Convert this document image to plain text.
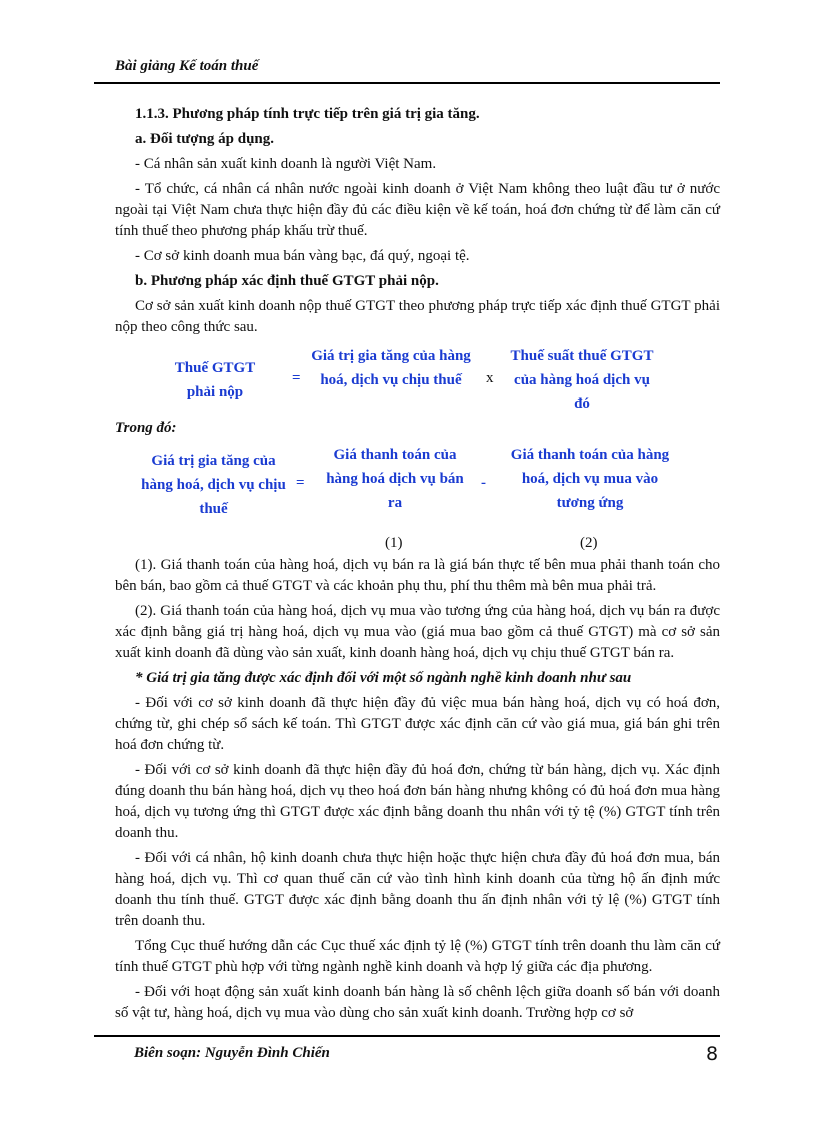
Bài giảng Kế toán thuế

1.1.3. Phương pháp tính trực tiếp trên giá trị gia tăng.

a. Đối tượng áp dụng.

- Cá nhân sản xuất kinh doanh là người Việt Nam.

- Tổ chức, cá nhân cá nhân nước ngoài kinh doanh ở Việt Nam không theo luật đầu tư ở nước ngoài tại Việt Nam chưa thực hiện đầy đủ các điều kiện về kế toán, hoá đơn chứng từ để làm căn cứ tính thuế theo phương pháp khấu trừ thuế.

- Cơ sở kinh doanh mua bán vàng bạc, đá quý, ngoại tệ.

b. Phương pháp xác định thuế GTGT phải nộp.

Cơ sở sản xuất kinh doanh nộp thuế GTGT theo phương pháp trực tiếp xác định thuế GTGT phải nộp theo công thức sau.

Thuế GTGT phải nộp
=
Giá trị gia tăng của hàng hoá, dịch vụ chịu thuế	x
Thuế suất thuế GTGT của hàng hoá dịch vụ đó

Trong đó:

Giá trị gia tăng của hàng hoá, dịch vụ chịu thuế
=
Giá thanh toán của hàng hoá dịch vụ bán ra
-
Giá thanh toán của hàng hoá, dịch vụ mua vào tương ứng
(1)	(2)

(1). Giá thanh toán của hàng hoá, dịch vụ bán ra là giá bán thực tế bên mua phải thanh toán cho bên bán, bao gồm cả thuế GTGT và các khoản phụ thu, phí thu thêm mà bên mua phải trả.

(2). Giá thanh toán của hàng hoá, dịch vụ mua vào tương ứng của hàng hoá, dịch vụ bán ra được xác định bằng giá trị hàng hoá, dịch vụ mua vào (giá mua bao gồm cả thuế GTGT) mà cơ sở sản xuất kinh doanh đã dùng vào sản xuất, kinh doanh hàng hoá, dịch vụ chịu thuế GTGT bán ra.

* Giá trị gia tăng được xác định đối với một số ngành nghề kinh doanh như sau

- Đối với cơ sở kinh doanh đã thực hiện đầy đủ việc mua bán hàng hoá, dịch vụ có hoá đơn, chứng từ, ghi chép sổ sách kế toán. Thì GTGT được xác định căn cứ vào giá mua, giá bán ghi trên hoá đơn chứng từ.

- Đối với cơ sở kinh doanh đã thực hiện đầy đủ hoá đơn, chứng từ bán hàng, dịch vụ. Xác định đúng doanh thu bán hàng hoá, dịch vụ theo hoá đơn bán hàng nhưng không có đủ hoá đơn mua hàng hoá, dịch vụ tương ứng thì GTGT được xác định bằng doanh thu nhân với tỷ tệ (%) GTGT tính trên doanh thu.

- Đối với cá nhân, hộ kinh doanh chưa thực hiện hoặc thực hiện chưa đầy đủ hoá đơn mua, bán hàng hoá, dịch vụ. Thì cơ quan thuế căn cứ vào tình hình kinh doanh của từng hộ ấn định mức doanh thu tính thuế. GTGT được xác định bằng doanh thu ấn định nhân với tỷ lệ (%) GTGT tính trên doanh thu.

Tổng Cục thuế hướng dẫn các Cục thuế xác định tỷ lệ (%) GTGT tính trên doanh thu làm căn cứ tính thuế GTGT phù hợp với từng ngành nghề kinh doanh và hợp lý giữa các địa phương.

- Đối với hoạt động sản xuất kinh doanh bán hàng là số chênh lệch giữa doanh số bán với doanh số vật tư, hàng hoá, dịch vụ mua vào dùng cho sản xuất kinh doanh. Trường hợp cơ sở

Biên soạn: Nguyễn Đình Chiến	8
